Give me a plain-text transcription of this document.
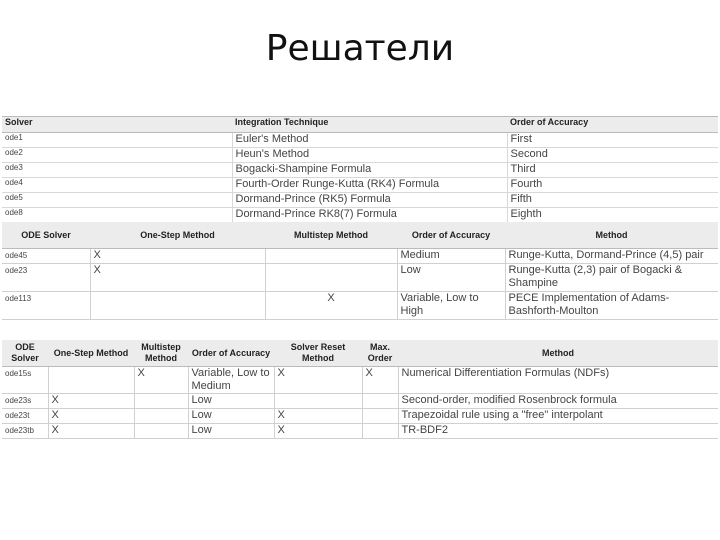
Решатели
Solver	Integration Technique	Order of Accuracy
ode1	Euler's Method	First
ode2	Heun's Method	Second
ode3	Bogacki-Shampine Formula	Third
ode4	Fourth-Order Runge-Kutta (RK4) Formula	Fourth
ode5	Dormand-Prince (RK5) Formula	Fifth
ode8	Dormand-Prince RK8(7) Formula	Eighth
ODE Solver	One-Step Method	Multistep Method	Order of Accuracy	Method
ode45	X		Medium	Runge-Kutta, Dormand-Prince (4,5) pair
ode23	X		Low	Runge-Kutta (2,3) pair of Bogacki & Shampine
ode113		X	Variable, Low to High	PECE Implementation of Adams-Bashforth-Moulton
ODE Solver	One-Step Method	Multistep Method	Order of Accuracy	Solver Reset Method	Max. Order	Method
ode15s		X	Variable, Low to Medium	X	X	Numerical Differentiation Formulas (NDFs)
ode23s	X		Low			Second-order, modified Rosenbrock formula
ode23t	X		Low	X		Trapezoidal rule using a "free" interpolant
ode23tb	X		Low	X		TR-BDF2
